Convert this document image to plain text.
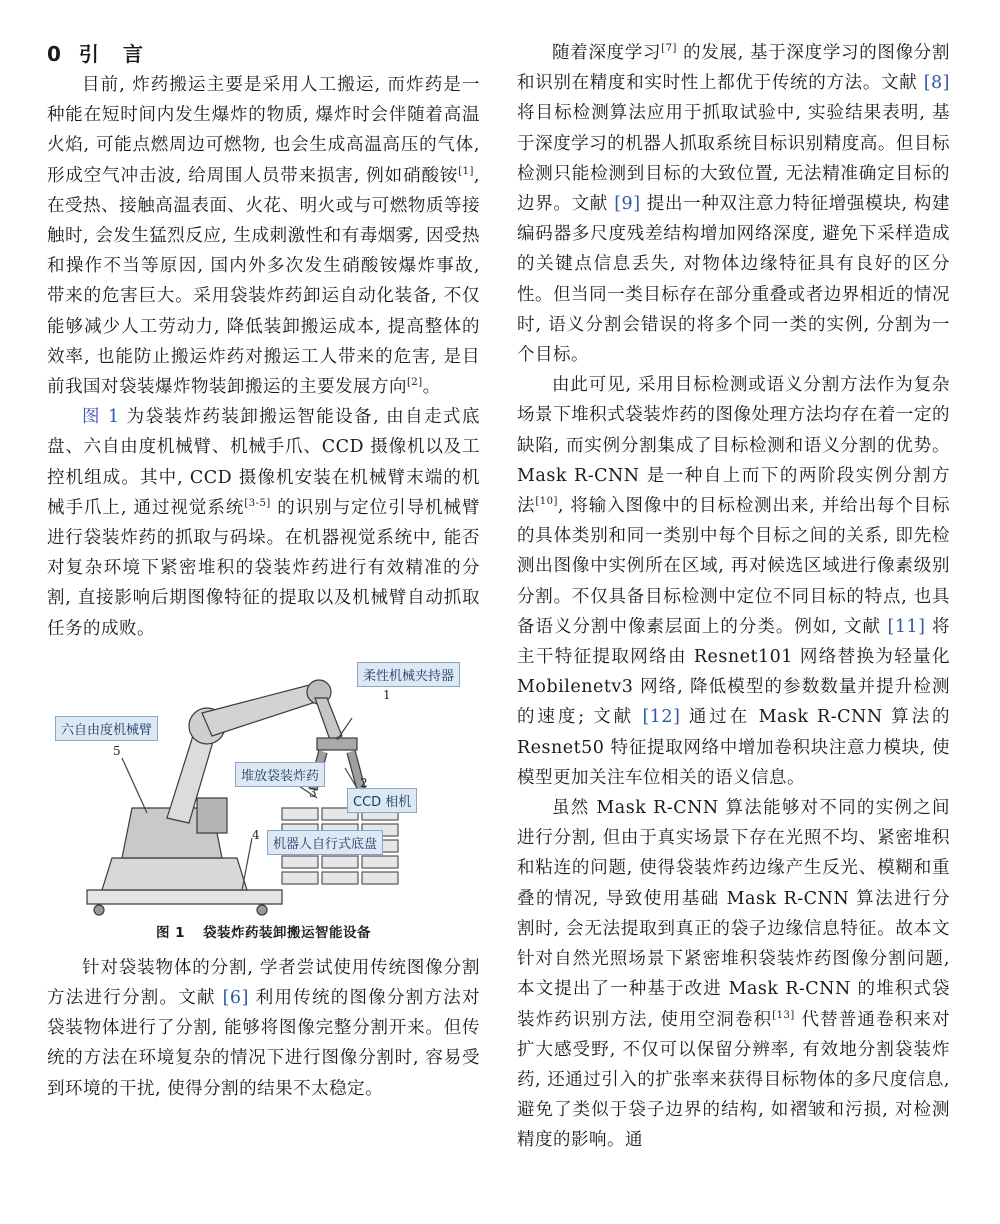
0 引　言

目前, 炸药搬运主要是采用人工搬运, 而炸药是一种能在短时间内发生爆炸的物质, 爆炸时会伴随着高温火焰, 可能点燃周边可燃物, 也会生成高温高压的气体, 形成空气冲击波, 给周围人员带来损害, 例如硝酸铵[1], 在受热、接触高温表面、火花、明火或与可燃物质等接触时, 会发生猛烈反应, 生成刺激性和有毒烟雾, 因受热和操作不当等原因, 国内外多次发生硝酸铵爆炸事故, 带来的危害巨大。采用袋装炸药卸运自动化装备, 不仅能够减少人工劳动力, 降低装卸搬运成本, 提高整体的效率, 也能防止搬运炸药对搬运工人带来的危害, 是目前我国对袋装爆炸物装卸搬运的主要发展方向[2]。

图 1 为袋装炸药装卸搬运智能设备, 由自走式底盘、六自由度机械臂、机械手爪、CCD 摄像机以及工控机组成。其中, CCD 摄像机安装在机械臂末端的机械手爪上, 通过视觉系统[3-5] 的识别与定位引导机械臂进行袋装炸药的抓取与码垛。在机器视觉系统中, 能否对复杂环境下紧密堆积的袋装炸药进行有效精准的分割, 直接影响后期图像特征的提取以及机械臂自动抓取任务的成败。

柔性机械夹持器
六自由度机械臂
堆放袋装炸药
CCD 相机
机器人自行式底盘
1
2
3
4
5
图 1 袋装炸药装卸搬运智能设备

针对袋装物体的分割, 学者尝试使用传统图像分割方法进行分割。文献 [6] 利用传统的图像分割方法对袋装物体进行了分割, 能够将图像完整分割开来。但传统的方法在环境复杂的情况下进行图像分割时, 容易受到环境的干扰, 使得分割的结果不太稳定。

随着深度学习[7] 的发展, 基于深度学习的图像分割和识别在精度和实时性上都优于传统的方法。文献 [8] 将目标检测算法应用于抓取试验中, 实验结果表明, 基于深度学习的机器人抓取系统目标识别精度高。但目标检测只能检测到目标的大致位置, 无法精准确定目标的边界。文献 [9] 提出一种双注意力特征增强模块, 构建编码器多尺度残差结构增加网络深度, 避免下采样造成的关键点信息丢失, 对物体边缘特征具有良好的区分性。但当同一类目标存在部分重叠或者边界相近的情况时, 语义分割会错误的将多个同一类的实例, 分割为一个目标。

由此可见, 采用目标检测或语义分割方法作为复杂场景下堆积式袋装炸药的图像处理方法均存在着一定的缺陷, 而实例分割集成了目标检测和语义分割的优势。Mask R-CNN 是一种自上而下的两阶段实例分割方法[10], 将输入图像中的目标检测出来, 并给出每个目标的具体类别和同一类别中每个目标之间的关系, 即先检测出图像中实例所在区域, 再对候选区域进行像素级别分割。不仅具备目标检测中定位不同目标的特点, 也具备语义分割中像素层面上的分类。例如, 文献 [11] 将主干特征提取网络由 Resnet101 网络替换为轻量化 Mobilenetv3 网络, 降低模型的参数数量并提升检测的速度; 文献 [12] 通过在 Mask R-CNN 算法的 Resnet50 特征提取网络中增加卷积块注意力模块, 使模型更加关注车位相关的语义信息。

虽然 Mask R-CNN 算法能够对不同的实例之间进行分割, 但由于真实场景下存在光照不均、紧密堆积和粘连的问题, 使得袋装炸药边缘产生反光、模糊和重叠的情况, 导致使用基础 Mask R-CNN 算法进行分割时, 会无法提取到真正的袋子边缘信息特征。故本文针对自然光照场景下紧密堆积袋装炸药图像分割问题, 本文提出了一种基于改进 Mask R-CNN 的堆积式袋装炸药识别方法, 使用空洞卷积[13] 代替普通卷积来对扩大感受野, 不仅可以保留分辨率, 有效地分割袋装炸药, 还通过引入的扩张率来获得目标物体的多尺度信息, 避免了类似于袋子边界的结构, 如褶皱和污损, 对检测精度的影响。通
